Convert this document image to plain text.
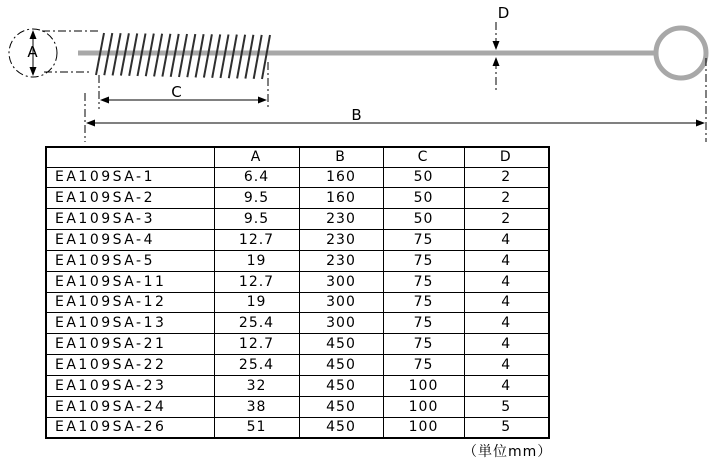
A
C
B
D
	A	B	C	D
EA109SA-1	6.4	160	50	2
EA109SA-2	9.5	160	50	2
EA109SA-3	9.5	230	50	2
EA109SA-4	12.7	230	75	4
EA109SA-5	19	230	75	4
EA109SA-11	12.7	300	75	4
EA109SA-12	19	300	75	4
EA109SA-13	25.4	300	75	4
EA109SA-21	12.7	450	75	4
EA109SA-22	25.4	450	75	4
EA109SA-23	32	450	100	4
EA109SA-24	38	450	100	5
EA109SA-26	51	450	100	5
（単位mm）
